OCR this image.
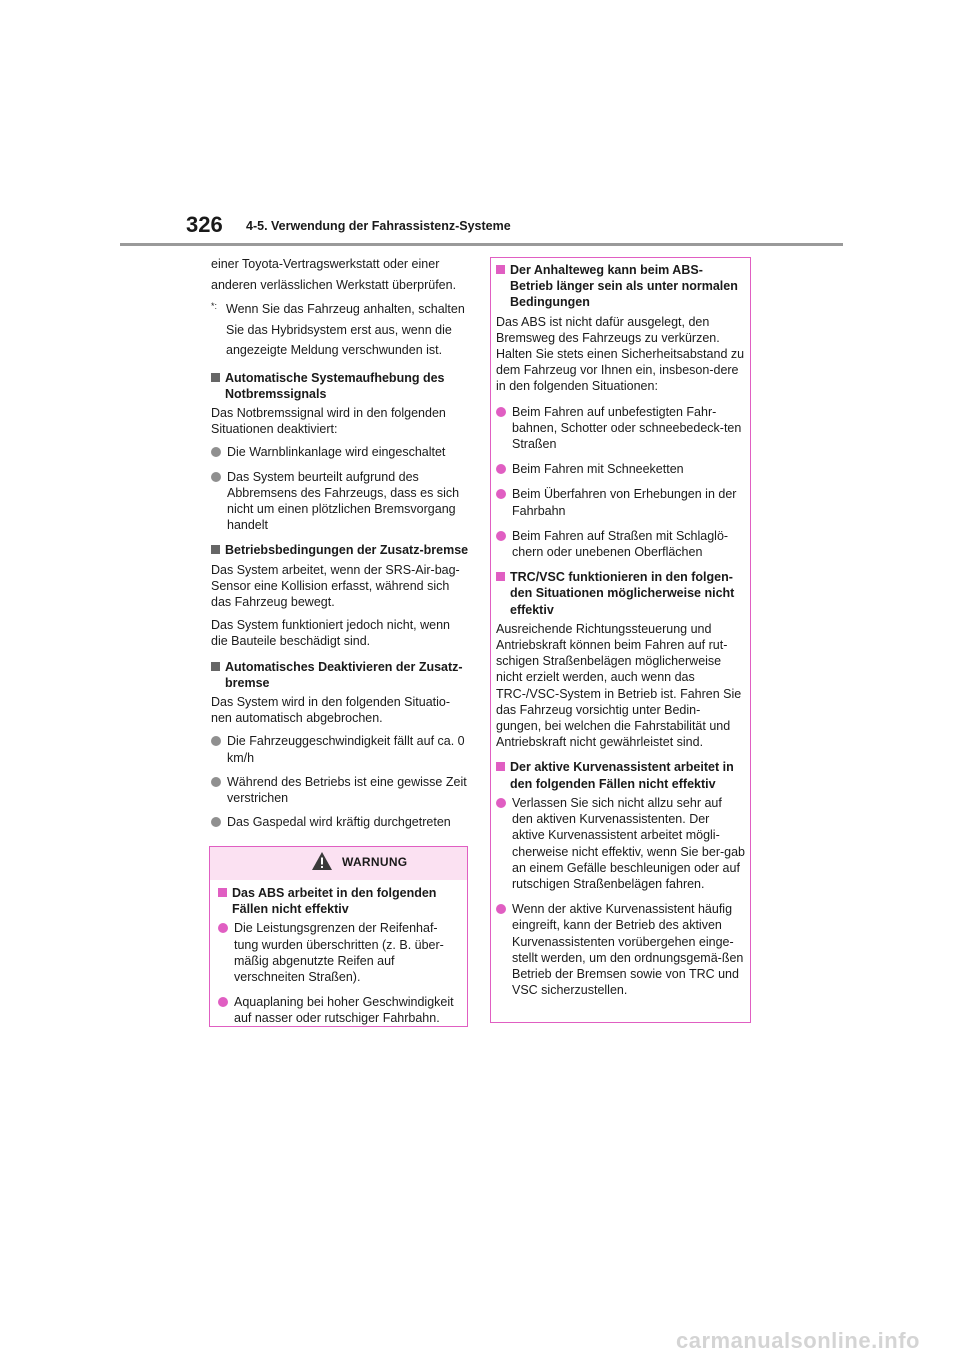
326 4-5. Verwendung der Fahrassistenz-Systeme

einer Toyota-Vertragswerkstatt oder einer

anderen verlässlichen Werkstatt überprüfen.

*: Wenn Sie das Fahrzeug anhalten, schalten
Sie das Hybridsystem erst aus, wenn die
angezeigte Meldung verschwunden ist.
Automatische Systemaufhebung des Notbremssignals

Das Notbremssignal wird in den folgenden Situationen deaktiviert:

Die Warnblinkanlage wird eingeschaltet
Das System beurteilt aufgrund des Abbremsens des Fahrzeugs, dass es sich nicht um einen plötzlichen Bremsvorgang handelt
Betriebsbedingungen der Zusatz-bremse

Das System arbeitet, wenn der SRS-Air-bag-Sensor eine Kollision erfasst, während sich das Fahrzeug bewegt.

Das System funktioniert jedoch nicht, wenn die Bauteile beschädigt sind.

Automatisches Deaktivieren der Zusatz-bremse

Das System wird in den folgenden Situatio-nen automatisch abgebrochen.

Die Fahrzeuggeschwindigkeit fällt auf ca. 0 km/h
Während des Betriebs ist eine gewisse Zeit verstrichen
Das Gaspedal wird kräftig durchgetreten
WARNUNG
Das ABS arbeitet in den folgenden Fällen nicht effektiv
Die Leistungsgrenzen der Reifenhaf-tung wurden überschritten (z. B. über-mäßig abgenutzte Reifen auf verschneiten Straßen).
Aquaplaning bei hoher Geschwindigkeit auf nasser oder rutschiger Fahrbahn.
Der Anhalteweg kann beim ABS-Betrieb länger sein als unter normalen Bedingungen

Das ABS ist nicht dafür ausgelegt, den Bremsweg des Fahrzeugs zu verkürzen. Halten Sie stets einen Sicherheitsabstand zu dem Fahrzeug vor Ihnen ein, insbeson-dere in den folgenden Situationen:

Beim Fahren auf unbefestigten Fahr-bahnen, Schotter oder schneebedeck-ten Straßen
Beim Fahren mit Schneeketten
Beim Überfahren von Erhebungen in der Fahrbahn
Beim Fahren auf Straßen mit Schlaglö-chern oder unebenen Oberflächen
TRC/VSC funktionieren in den folgen-den Situationen möglicherweise nicht effektiv

Ausreichende Richtungssteuerung und Antriebskraft können beim Fahren auf rut-schigen Straßenbelägen möglicherweise nicht erzielt werden, auch wenn das TRC-/VSC-System in Betrieb ist. Fahren Sie das Fahrzeug vorsichtig unter Bedin-gungen, bei welchen die Fahrstabilität und Antriebskraft nicht gewährleistet sind.

Der aktive Kurvenassistent arbeitet in den folgenden Fällen nicht effektiv
Verlassen Sie sich nicht allzu sehr auf den aktiven Kurvenassistenten. Der aktive Kurvenassistent arbeitet mögli-cherweise nicht effektiv, wenn Sie ber-gab an einem Gefälle beschleunigen oder auf rutschigen Straßenbelägen fahren.
Wenn der aktive Kurvenassistent häufig eingreift, kann der Betrieb des aktiven Kurvenassistenten vorübergehen einge-stellt werden, um den ordnungsgemä-ßen Betrieb der Bremsen sowie von TRC und VSC sicherzustellen.
carmanualsonline.info
